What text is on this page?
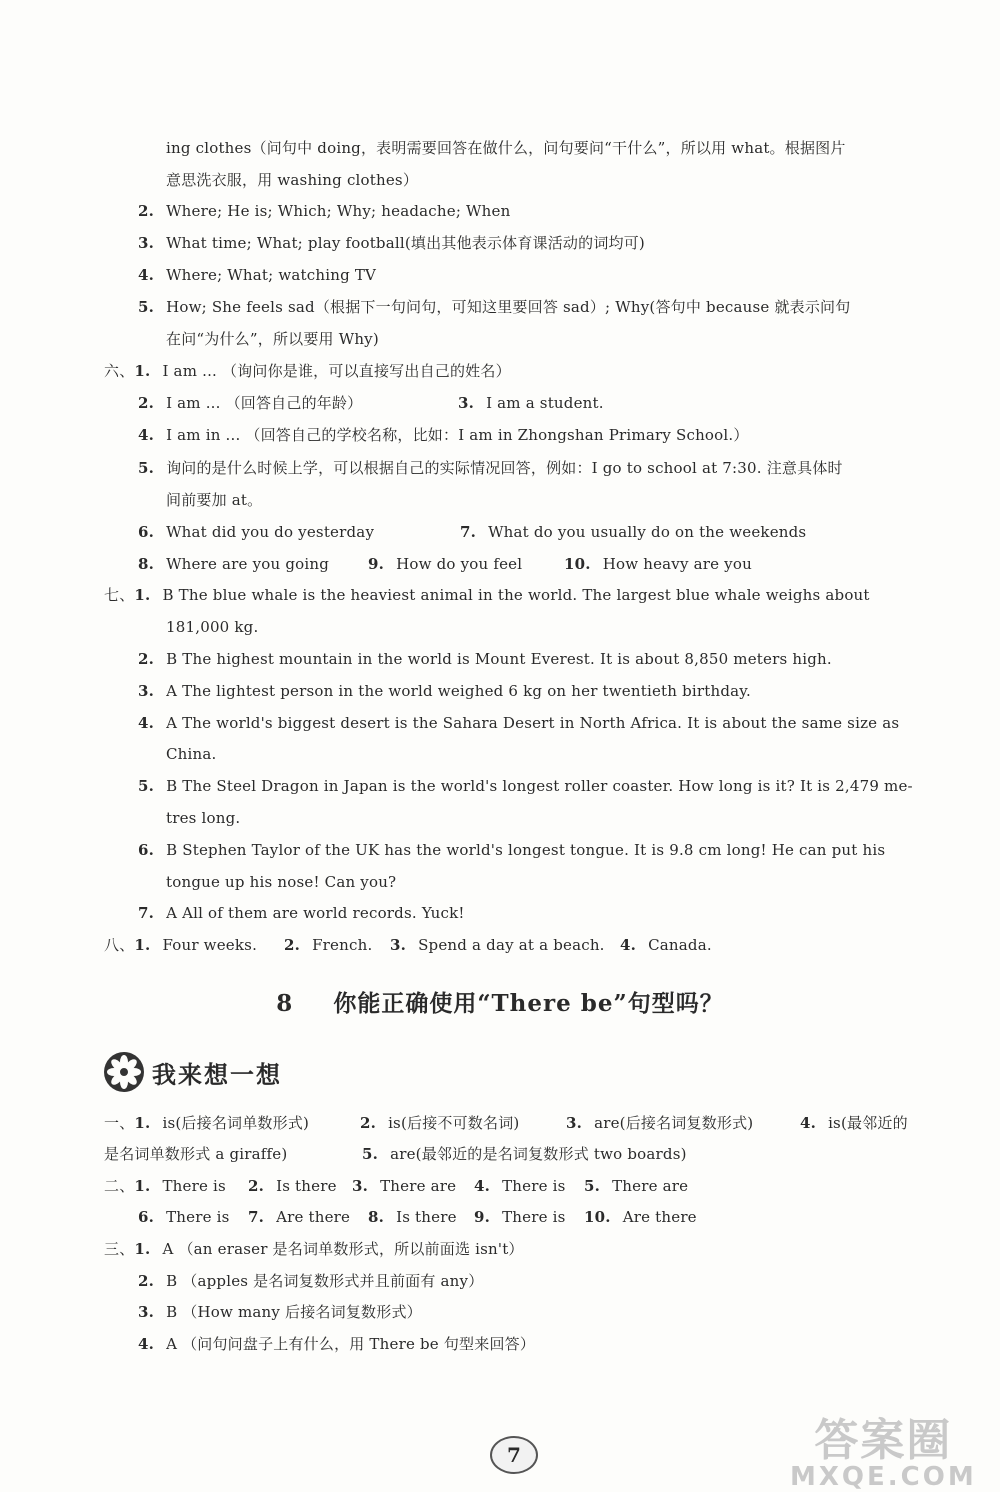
ing clothes（问句中 doing，表明需要回答在做什么，问句要问“干什么”，所以用 what。根据图片
意思洗衣服，用 washing clothes）
2. Where; He is; Which; Why; headache; When
3. What time; What; play football(填出其他表示体育课活动的词均可)
4. Where; What; watching TV
5. How; She feels sad（根据下一句问句，可知这里要回答 sad）; Why(答句中 because 就表示问句
在问“为什么”，所以要用 Why)
六、1. I am ... （询问你是谁，可以直接写出自己的姓名）
2. I am ... （回答自己的年龄）	3. I am a student.
4. I am in ... （回答自己的学校名称，比如：I am in Zhongshan Primary School.）
5. 询问的是什么时候上学，可以根据自己的实际情况回答，例如：I go to school at 7:30. 注意具体时
间前要加 at。
6. What did you do yesterday	7. What do you usually do on the weekends
8. Where are you going	9. How do you feel	10. How heavy are you
七、1. B The blue whale is the heaviest animal in the world. The largest blue whale weighs about
181,000 kg.
2. B The highest mountain in the world is Mount Everest. It is about 8,850 meters high.
3. A The lightest person in the world weighed 6 kg on her twentieth birthday.
4. A The world's biggest desert is the Sahara Desert in North Africa. It is about the same size as
China.
5. B The Steel Dragon in Japan is the world's longest roller coaster. How long is it? It is 2,479 me-
tres long.
6. B Stephen Taylor of the UK has the world's longest tongue. It is 9.8 cm long! He can put his
tongue up his nose! Can you?
7. A All of them are world records. Yuck!
八、1. Four weeks. 2. French. 3. Spend a day at a beach. 4. Canada.
8 你能正确使用“There be”句型吗？
我来想一想
一、1. is(后接名词单数形式)	2. is(后接不可数名词)	3. are(后接名词复数形式)	4. is(最邻近的
是名词单数形式 a giraffe)	5. are(最邻近的是名词复数形式 two boards)
二、1. There is 2. Is there 3. There are 4. There is 5. There are
6. There is 7. Are there 8. Is there 9. There is 10. Are there
三、1. A （an eraser 是名词单数形式，所以前面选 isn't）
2. B （apples 是名词复数形式并且前面有 any）
3. B （How many 后接名词复数形式）
4. A （问句问盘子上有什么，用 There be 句型来回答）
7	答案圈
MXQE.COM
